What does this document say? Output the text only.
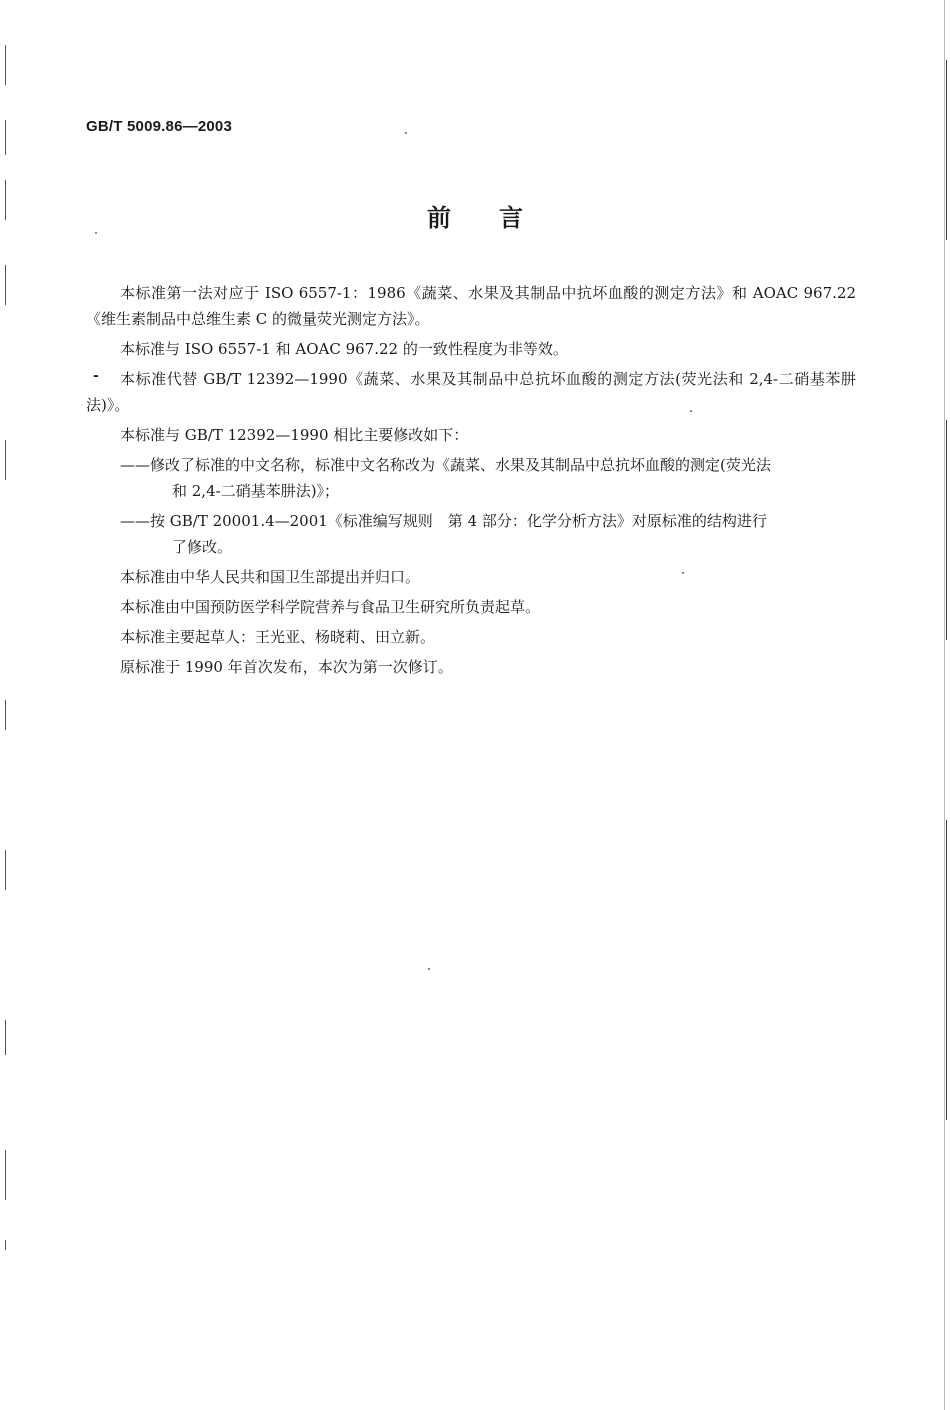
GB/T 5009.86—2003
前 言
-

本标准第一法对应于 ISO 6557-1：1986《蔬菜、水果及其制品中抗坏血酸的测定方法》和 AOAC 967.22《维生素制品中总维生素 C 的微量荧光测定方法》。

本标准与 ISO 6557-1 和 AOAC 967.22 的一致性程度为非等效。

本标准代替 GB/T 12392—1990《蔬菜、水果及其制品中总抗坏血酸的测定方法(荧光法和 2,4-二硝基苯肼法)》。

本标准与 GB/T 12392—1990 相比主要修改如下：

——修改了标准的中文名称，标准中文名称改为《蔬菜、水果及其制品中总抗坏血酸的测定(荧光法
和 2,4-二硝基苯肼法)》；
——按 GB/T 20001.4—2001《标准编写规则　第 4 部分：化学分析方法》对原标准的结构进行
了修改。

本标准由中华人民共和国卫生部提出并归口。

本标准由中国预防医学科学院营养与食品卫生研究所负责起草。

本标准主要起草人：王光亚、杨晓莉、田立新。

原标准于 1990 年首次发布，本次为第一次修订。
